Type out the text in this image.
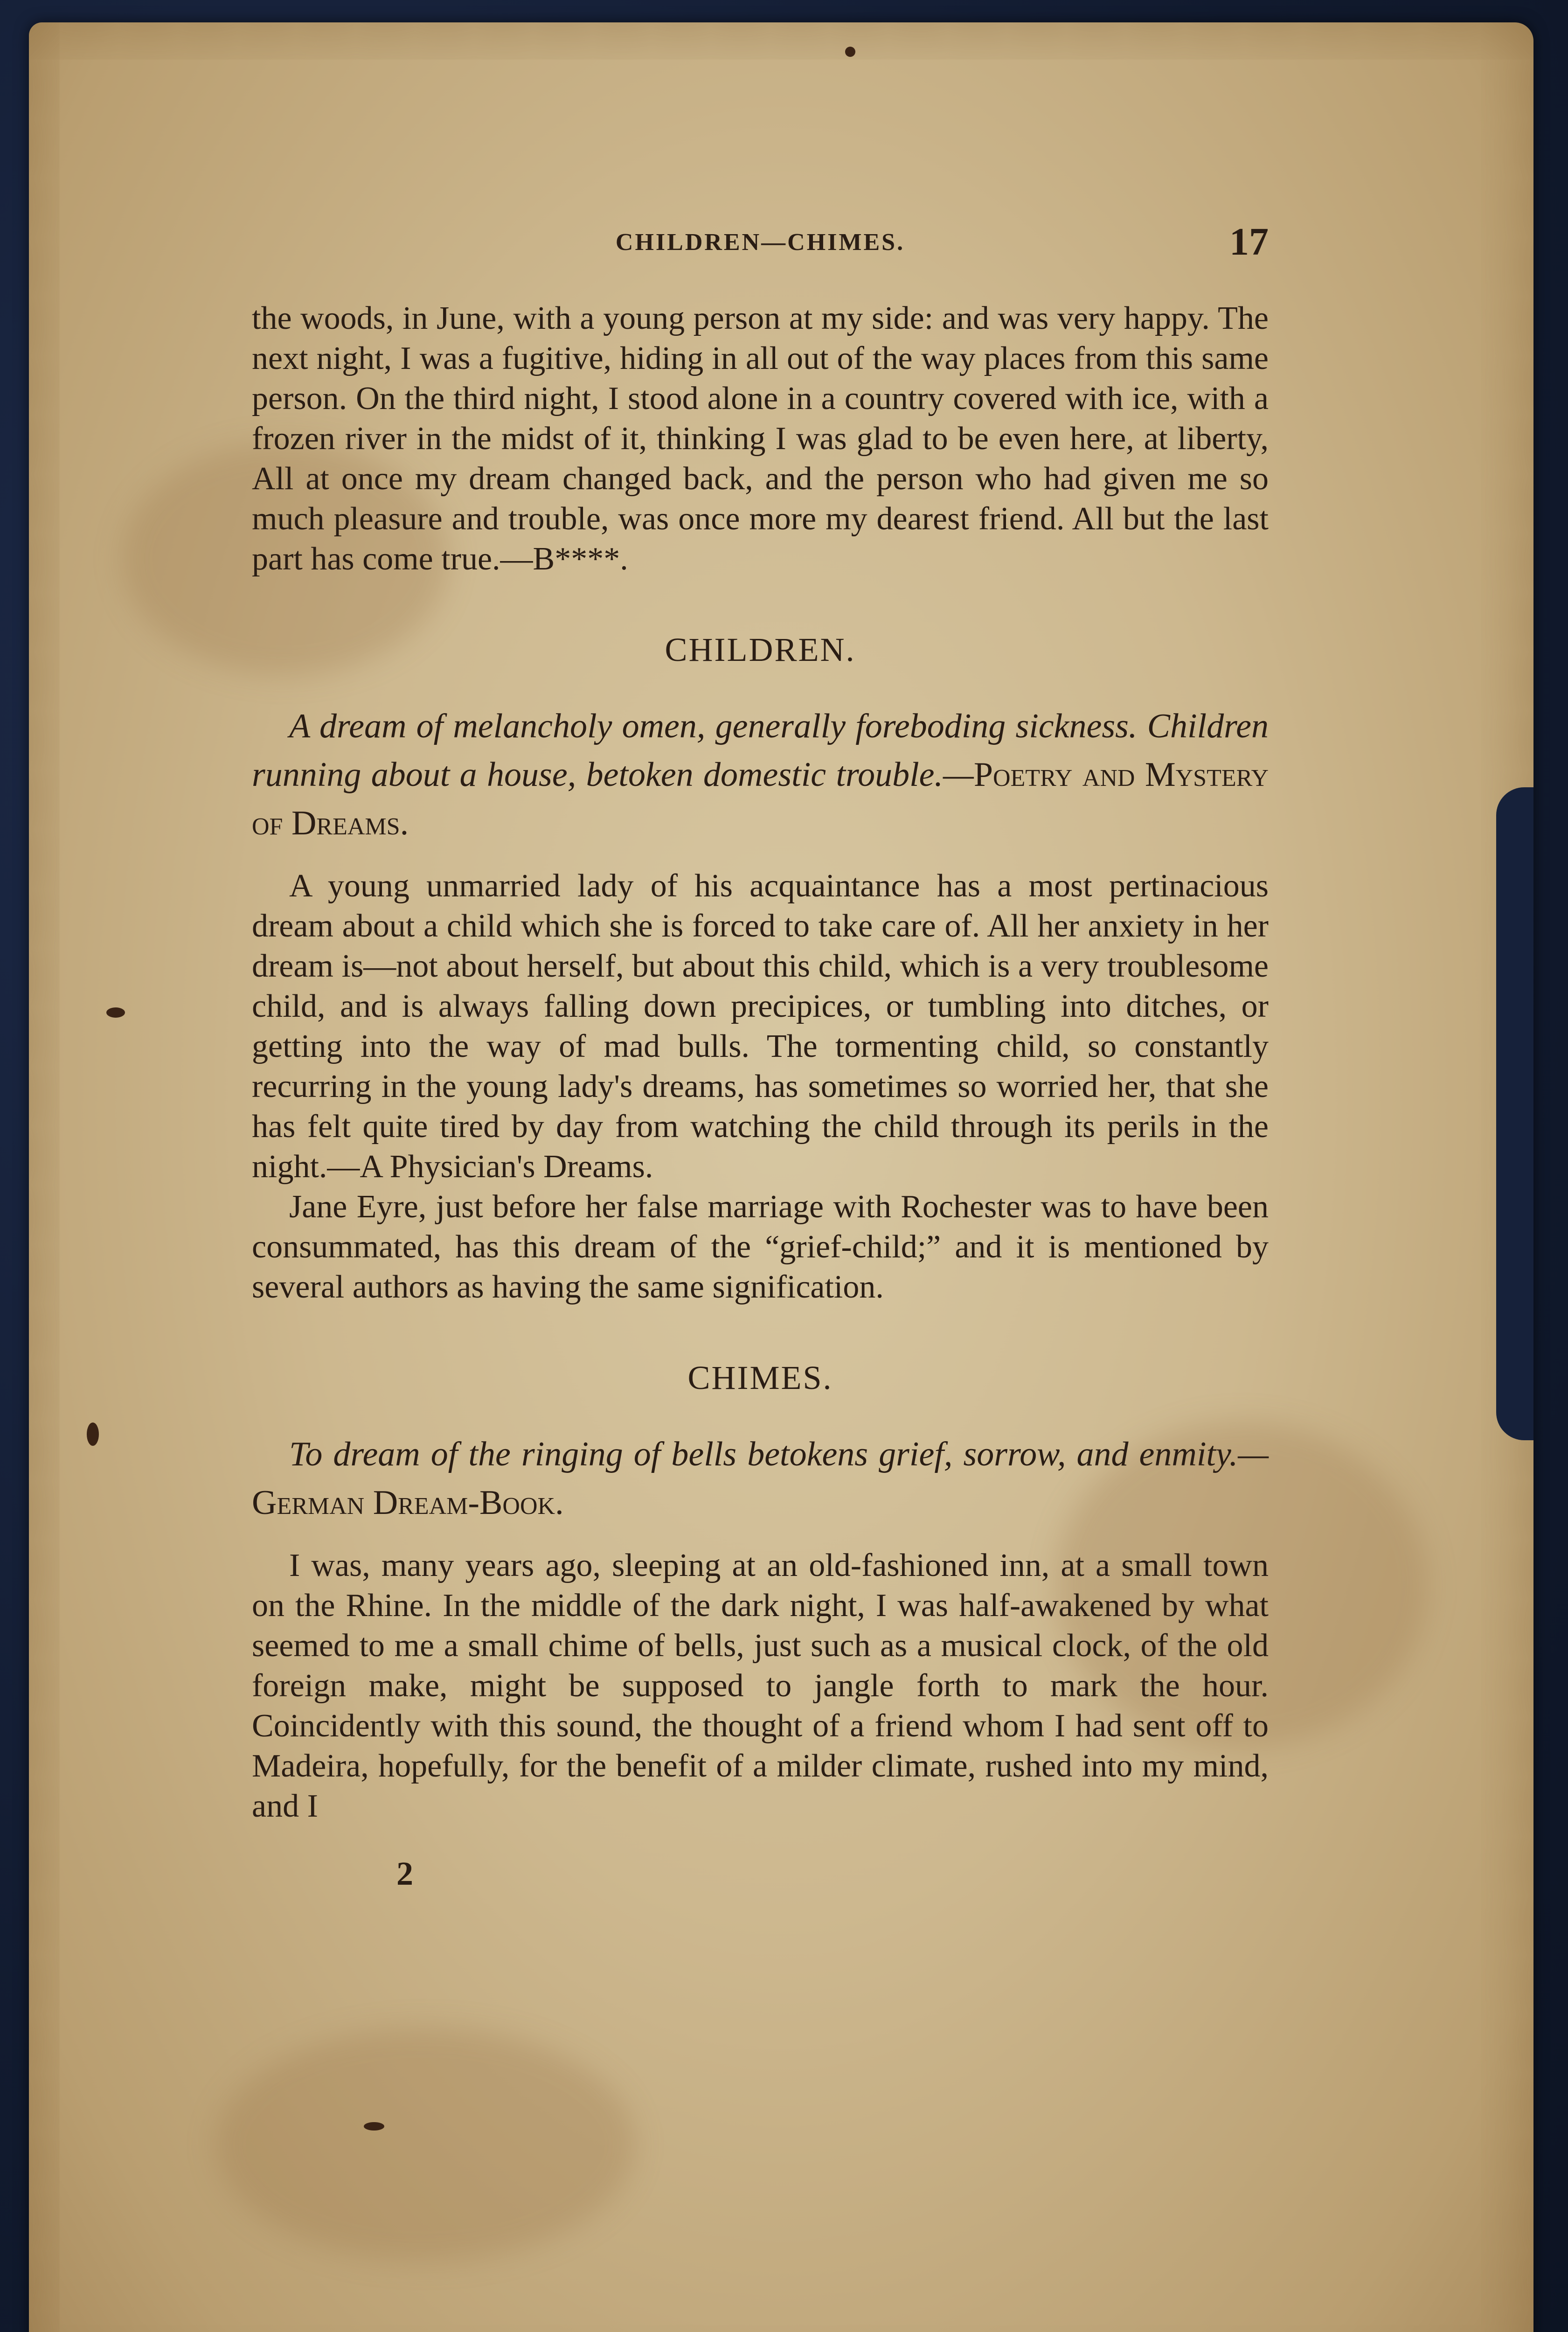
CHILDREN—CHIMES.	17

the woods, in June, with a young person at my side: and was very happy. The next night, I was a fugitive, hiding in all out of the way places from this same person. On the third night, I stood alone in a country covered with ice, with a frozen river in the midst of it, thinking I was glad to be even here, at liberty, All at once my dream changed back, and the person who had given me so much pleasure and trouble, was once more my dearest friend. All but the last part has come true.—B****.

CHILDREN.

A dream of melancholy omen, generally foreboding sickness. Children running about a house, betoken domestic trouble.—Poetry and Mystery of Dreams.

A young unmarried lady of his acquaintance has a most pertinacious dream about a child which she is forced to take care of. All her anxiety in her dream is—not about herself, but about this child, which is a very troublesome child, and is always falling down precipices, or tumbling into ditches, or getting into the way of mad bulls. The tormenting child, so constantly recurring in the young lady's dreams, has sometimes so worried her, that she has felt quite tired by day from watching the child through its perils in the night.—A Physician's Dreams.

Jane Eyre, just before her false marriage with Rochester was to have been consummated, has this dream of the “grief-child;” and it is mentioned by several authors as having the same signification.

CHIMES.

To dream of the ringing of bells betokens grief, sorrow, and enmity.—German Dream-Book.

I was, many years ago, sleeping at an old-fashioned inn, at a small town on the Rhine. In the middle of the dark night, I was half-awakened by what seemed to me a small chime of bells, just such as a musical clock, of the old foreign make, might be supposed to jangle forth to mark the hour. Coincidently with this sound, the thought of a friend whom I had sent off to Madeira, hopefully, for the benefit of a milder climate, rushed into my mind, and I

2
